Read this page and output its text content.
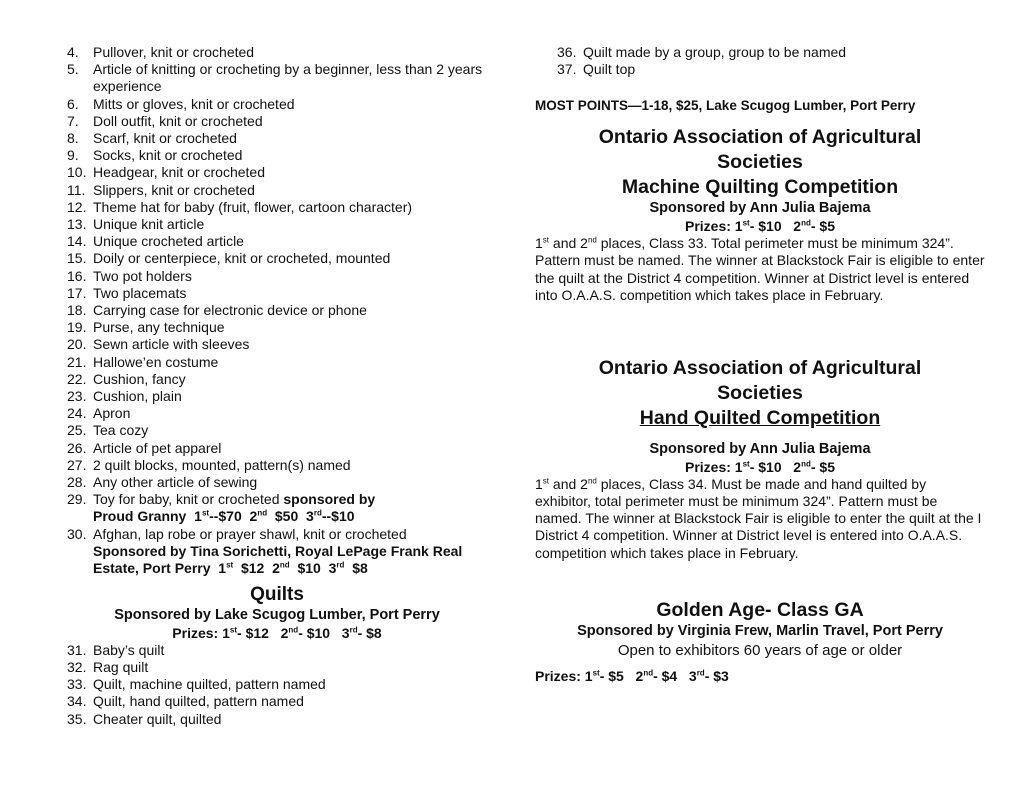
4.	Pullover, knit or crocheted
5.	Article of knitting or crocheting by a beginner, less than 2 years experience
6.	Mitts or gloves, knit or crocheted
7.	Doll outfit, knit or crocheted
8.	Scarf, knit or crocheted
9.	Socks, knit or crocheted
10. Headgear, knit or crocheted
11. Slippers, knit or crocheted
12. Theme hat for baby (fruit, flower, cartoon character)
13. Unique knit article
14. Unique crocheted article
15. Doily or centerpiece, knit or crocheted, mounted
16. Two pot holders
17. Two placemats
18. Carrying case for electronic device or phone
19. Purse, any technique
20. Sewn article with sleeves
21. Hallowe’en costume
22. Cushion, fancy
23. Cushion, plain
24. Apron
25. Tea cozy
26. Article of pet apparel
27. 2 quilt blocks, mounted, pattern(s) named
28. Any other article of sewing
29. Toy for baby, knit or crocheted sponsored by
Proud Granny 1st--$70 2nd $50 3rd--$10
30. Afghan, lap robe or prayer shawl, knit or crocheted
Sponsored by Tina Sorichetti, Royal LePage Frank Real Estate, Port Perry 1st $12 2nd $10 3rd $8

Quilts

Sponsored by Lake Scugog Lumber, Port Perry

Prizes: 1st- $12 2nd- $10 3rd- $8

31. Baby’s quilt
32. Rag quilt
33. Quilt, machine quilted, pattern named
34. Quilt, hand quilted, pattern named
35. Cheater quilt, quilted
36. Quilt made by a group, group to be named
37. Quilt top

MOST POINTS—1-18, $25, Lake Scugog Lumber, Port Perry

Ontario Association of Agricultural

Societies

Machine Quilting Competition

Sponsored by Ann Julia Bajema

Prizes: 1st- $10 2nd- $5

1st and 2nd places, Class 33. Total perimeter must be minimum 324”. Pattern must be named. The winner at Blackstock Fair is eligible to enter the quilt at the District 4 competition. Winner at District level is entered into O.A.A.S. competition which takes place in February.

Ontario Association of Agricultural

Societies

Hand Quilted Competition

Sponsored by Ann Julia Bajema

Prizes: 1st- $10 2nd- $5

1st and 2nd places, Class 34. Must be made and hand quilted by exhibitor, total perimeter must be minimum 324”. Pattern must be named. The winner at Blackstock Fair is eligible to enter the quilt at the I District 4 competition. Winner at District level is entered into O.A.A.S. competition which takes place in February.

Golden Age- Class GA

Sponsored by Virginia Frew, Marlin Travel, Port Perry

Open to exhibitors 60 years of age or older

Prizes: 1st- $5 2nd- $4 3rd- $3
